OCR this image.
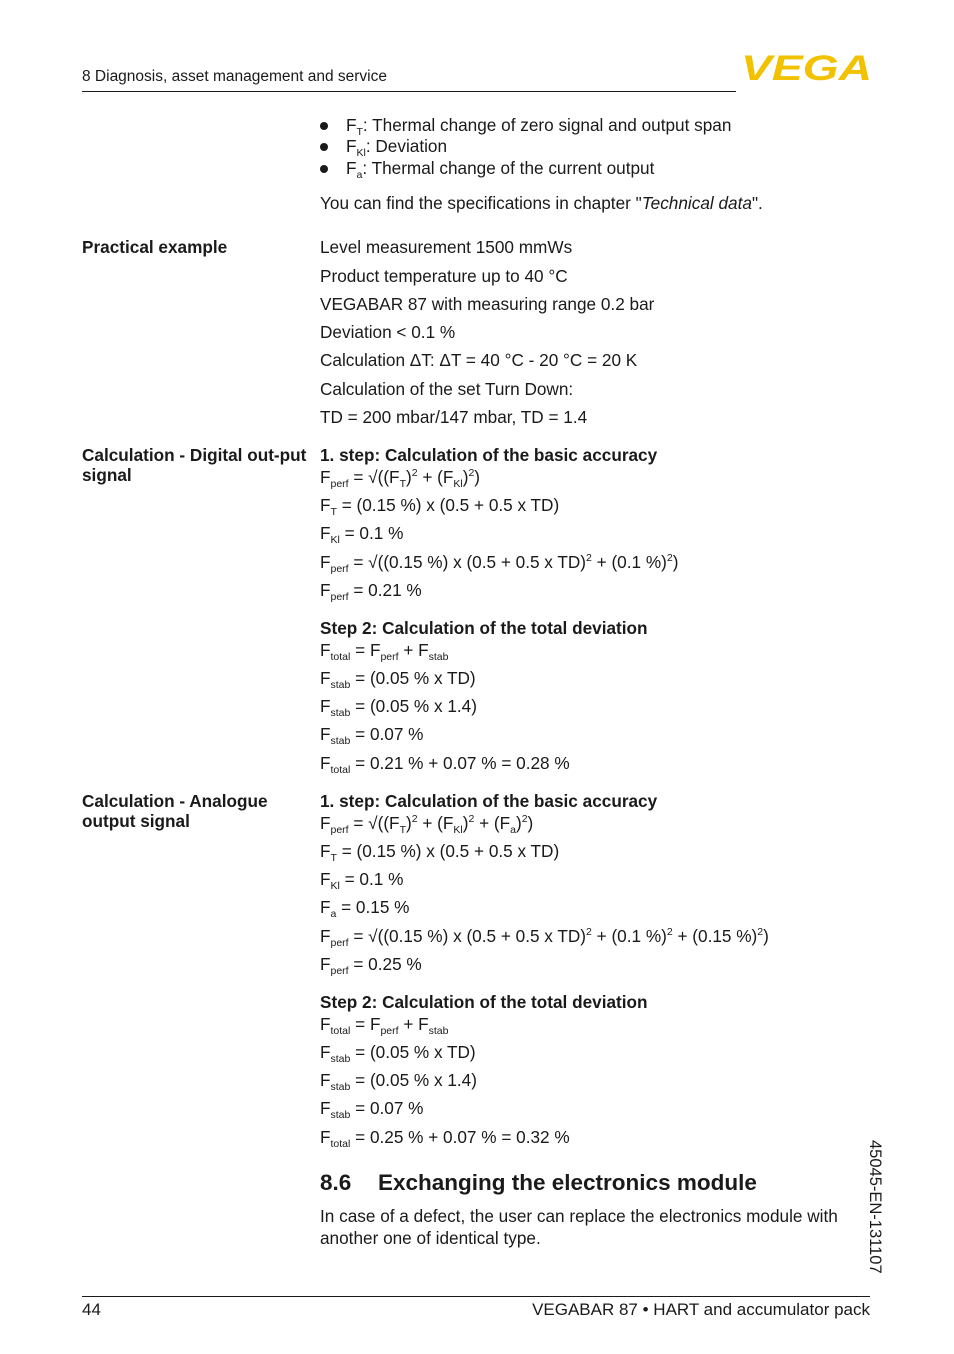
8 Diagnosis, asset management and service	VEGA
$F_T$: Thermal change of zero signal and output span
$F_{Kl}$: Deviation
$F_a$: Thermal change of the current output
You can find the specifications in chapter "Technical data".
Practical example	Level measurement 1500 mmWs
Product temperature up to 40 °C
VEGABAR 87 with measuring range 0.2 bar
Deviation < 0.1 %
Calculation ΔT: ΔT = 40 °C - 20 °C = 20 K
Calculation of the set Turn Down:
TD = 200 mbar/147 mbar, TD = 1.4
Calculation - Digital out-put signal
1. step: Calculation of the basic accuracy
$F_{perf} = √((F_T)^2 + (F_{Kl})^2)$
$F_T = (0.15$ %) x (0.5 + 0.5 x TD)
$F_{Kl} = 0.1$ %
$F_{perf} = √((0.15$ %) x (0.5 + 0.5 x TD)$^2$ + (0.1 %)$^2$)
$F_{perf} = 0.21$ %
Step 2: Calculation of the total deviation
$F_{total} = F_{perf} + F_{stab}$
$F_{stab} = (0.05$ % x TD)
$F_{stab} = (0.05$ % x 1.4)
$F_{stab} = 0.07$ %
$F_{total} = 0.21$ % + 0.07 % = 0.28 %
Calculation - Analogue output signal
1. step: Calculation of the basic accuracy
$F_{perf} = √((F_T)^2 + (F_{Kl})^2 + (F_a)^2)$
$F_T = (0.15$ %) x (0.5 + 0.5 x TD)
$F_{Kl} = 0.1$ %
$F_a = 0.15$ %
$F_{perf} = √((0.15$ %) x (0.5 + 0.5 x TD)$^2$ + (0.1 %)$^2$ + (0.15 %)$^2$)
$F_{perf} = 0.25$ %
Step 2: Calculation of the total deviation
$F_{total} = F_{perf} + F_{stab}$
$F_{stab} = (0.05$ % x TD)
$F_{stab} = (0.05$ % x 1.4)
$F_{stab} = 0.07$ %
$F_{total} = 0.25$ % + 0.07 % = 0.32 %
8.6 Exchanging the electronics module
In case of a defect, the user can replace the electronics module with another one of identical type.	45045-EN-131107
44	VEGABAR 87 • HART and accumulator pack
